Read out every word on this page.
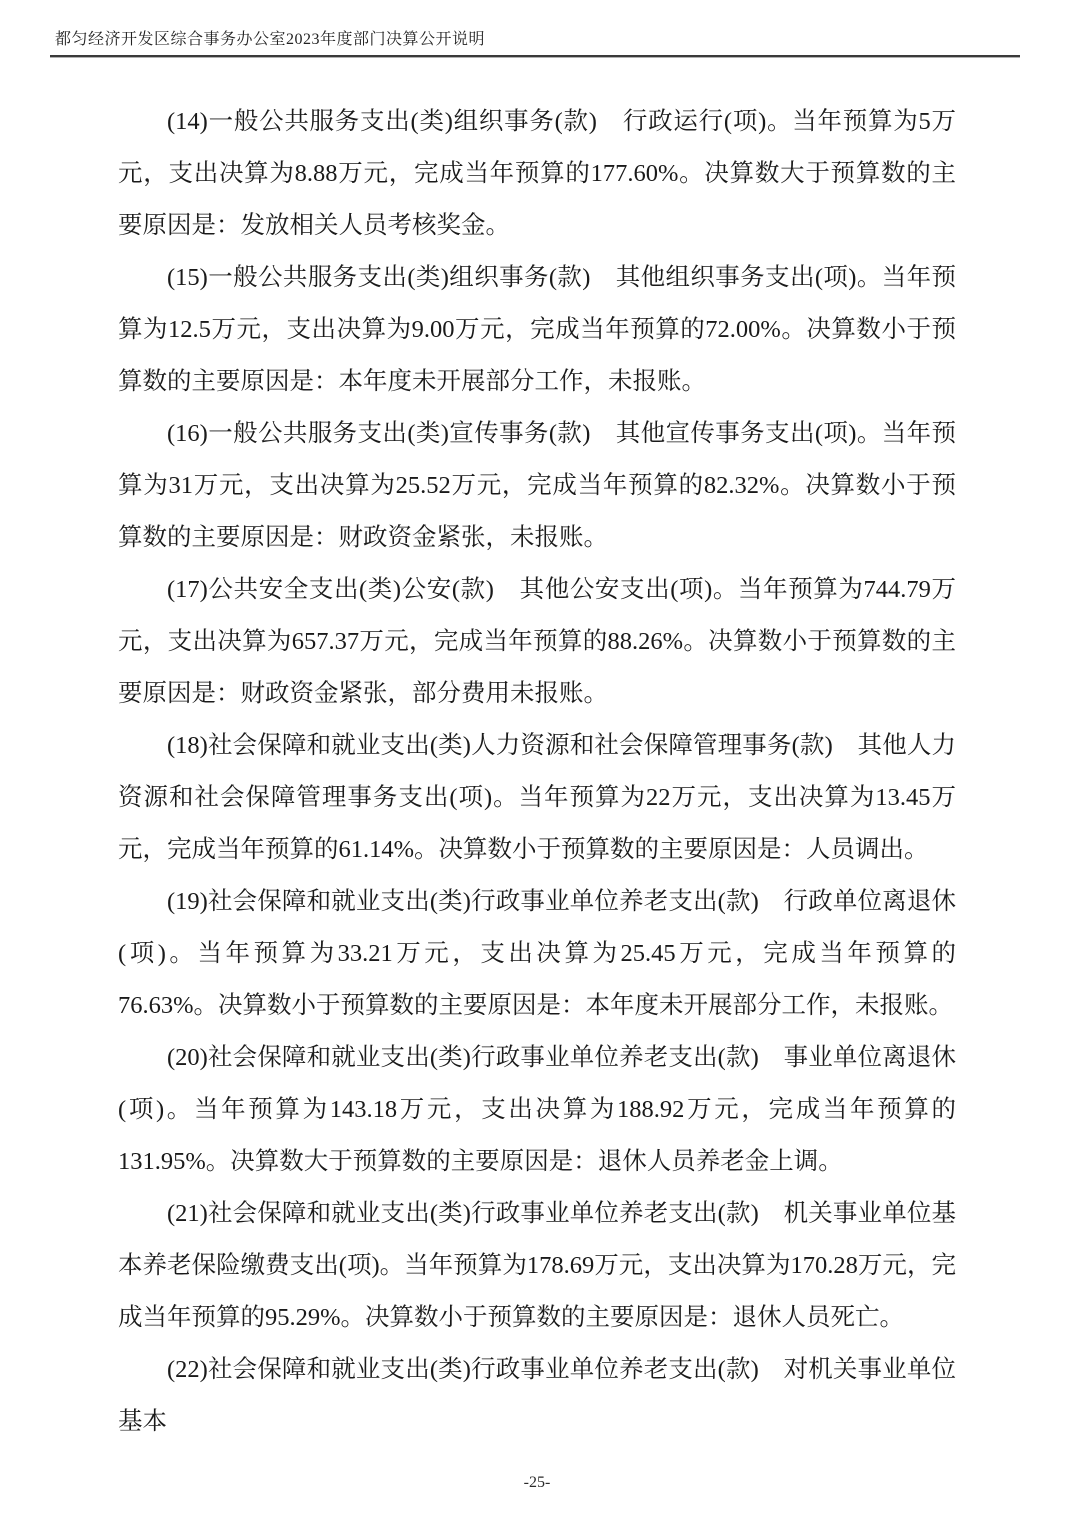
都匀经济开发区综合事务办公室2023年度部门决算公开说明

(14)一般公共服务支出(类)组织事务(款)　行政运行(项)。当年预算为5万元，支出决算为8.88万元，完成当年预算的177.60%。决算数大于预算数的主要原因是：发放相关人员考核奖金。

(15)一般公共服务支出(类)组织事务(款)　其他组织事务支出(项)。当年预算为12.5万元，支出决算为9.00万元，完成当年预算的72.00%。决算数小于预算数的主要原因是：本年度未开展部分工作，未报账。

(16)一般公共服务支出(类)宣传事务(款)　其他宣传事务支出(项)。当年预算为31万元，支出决算为25.52万元，完成当年预算的82.32%。决算数小于预算数的主要原因是：财政资金紧张，未报账。

(17)公共安全支出(类)公安(款)　其他公安支出(项)。当年预算为744.79万元，支出决算为657.37万元，完成当年预算的88.26%。决算数小于预算数的主要原因是：财政资金紧张，部分费用未报账。

(18)社会保障和就业支出(类)人力资源和社会保障管理事务(款)　其他人力资源和社会保障管理事务支出(项)。当年预算为22万元，支出决算为13.45万元，完成当年预算的61.14%。决算数小于预算数的主要原因是：人员调出。

(19)社会保障和就业支出(类)行政事业单位养老支出(款)　行政单位离退休(项)。当年预算为33.21万元，支出决算为25.45万元，完成当年预算的76.63%。决算数小于预算数的主要原因是：本年度未开展部分工作，未报账。

(20)社会保障和就业支出(类)行政事业单位养老支出(款)　事业单位离退休(项)。当年预算为143.18万元，支出决算为188.92万元，完成当年预算的131.95%。决算数大于预算数的主要原因是：退休人员养老金上调。

(21)社会保障和就业支出(类)行政事业单位养老支出(款)　机关事业单位基本养老保险缴费支出(项)。当年预算为178.69万元，支出决算为170.28万元，完成当年预算的95.29%。决算数小于预算数的主要原因是：退休人员死亡。

(22)社会保障和就业支出(类)行政事业单位养老支出(款)　对机关事业单位基本

-25-
